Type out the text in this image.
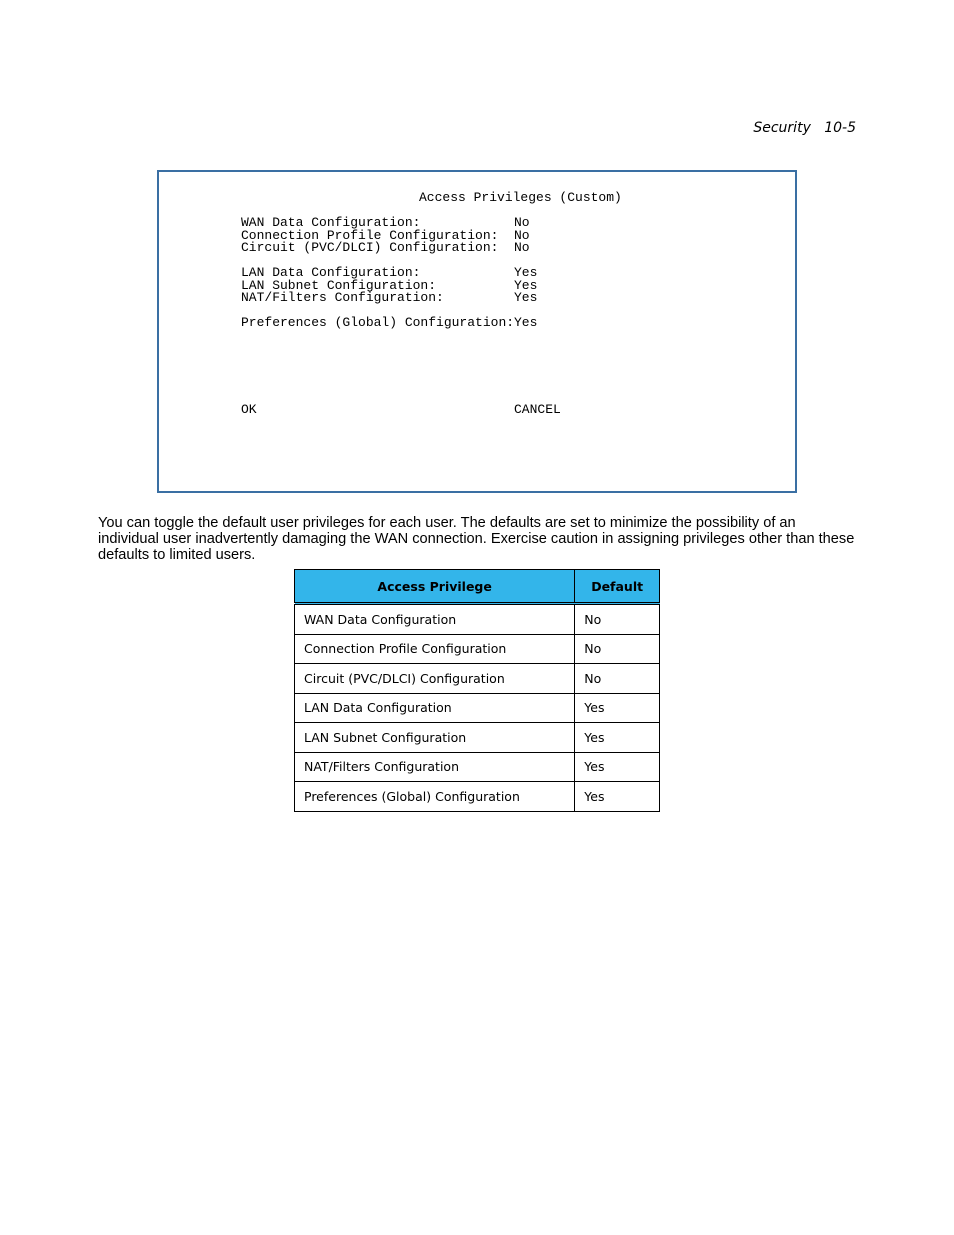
Security 10-5
Access Privileges (Custom)
WAN Data Configuration:	No
Connection Profile Configuration: No
Circuit (PVC/DLCI) Configuration: No
LAN Data Configuration:	Yes
LAN Subnet Configuration:	Yes
NAT/Filters Configuration:	Yes
Preferences (Global) Configuration: Yes
OK	CANCEL

You can toggle the default user privileges for each user. The defaults are set to minimize the possibility of an individual user inadvertently damaging the WAN connection. Exercise caution in assigning privileges other than these defaults to limited users.

Access Privilege	Default
WAN Data Configuration	No
Connection Profile Configuration	No
Circuit (PVC/DLCI) Configuration	No
LAN Data Configuration	Yes
LAN Subnet Configuration	Yes
NAT/Filters Configuration	Yes
Preferences (Global) Configuration	Yes
